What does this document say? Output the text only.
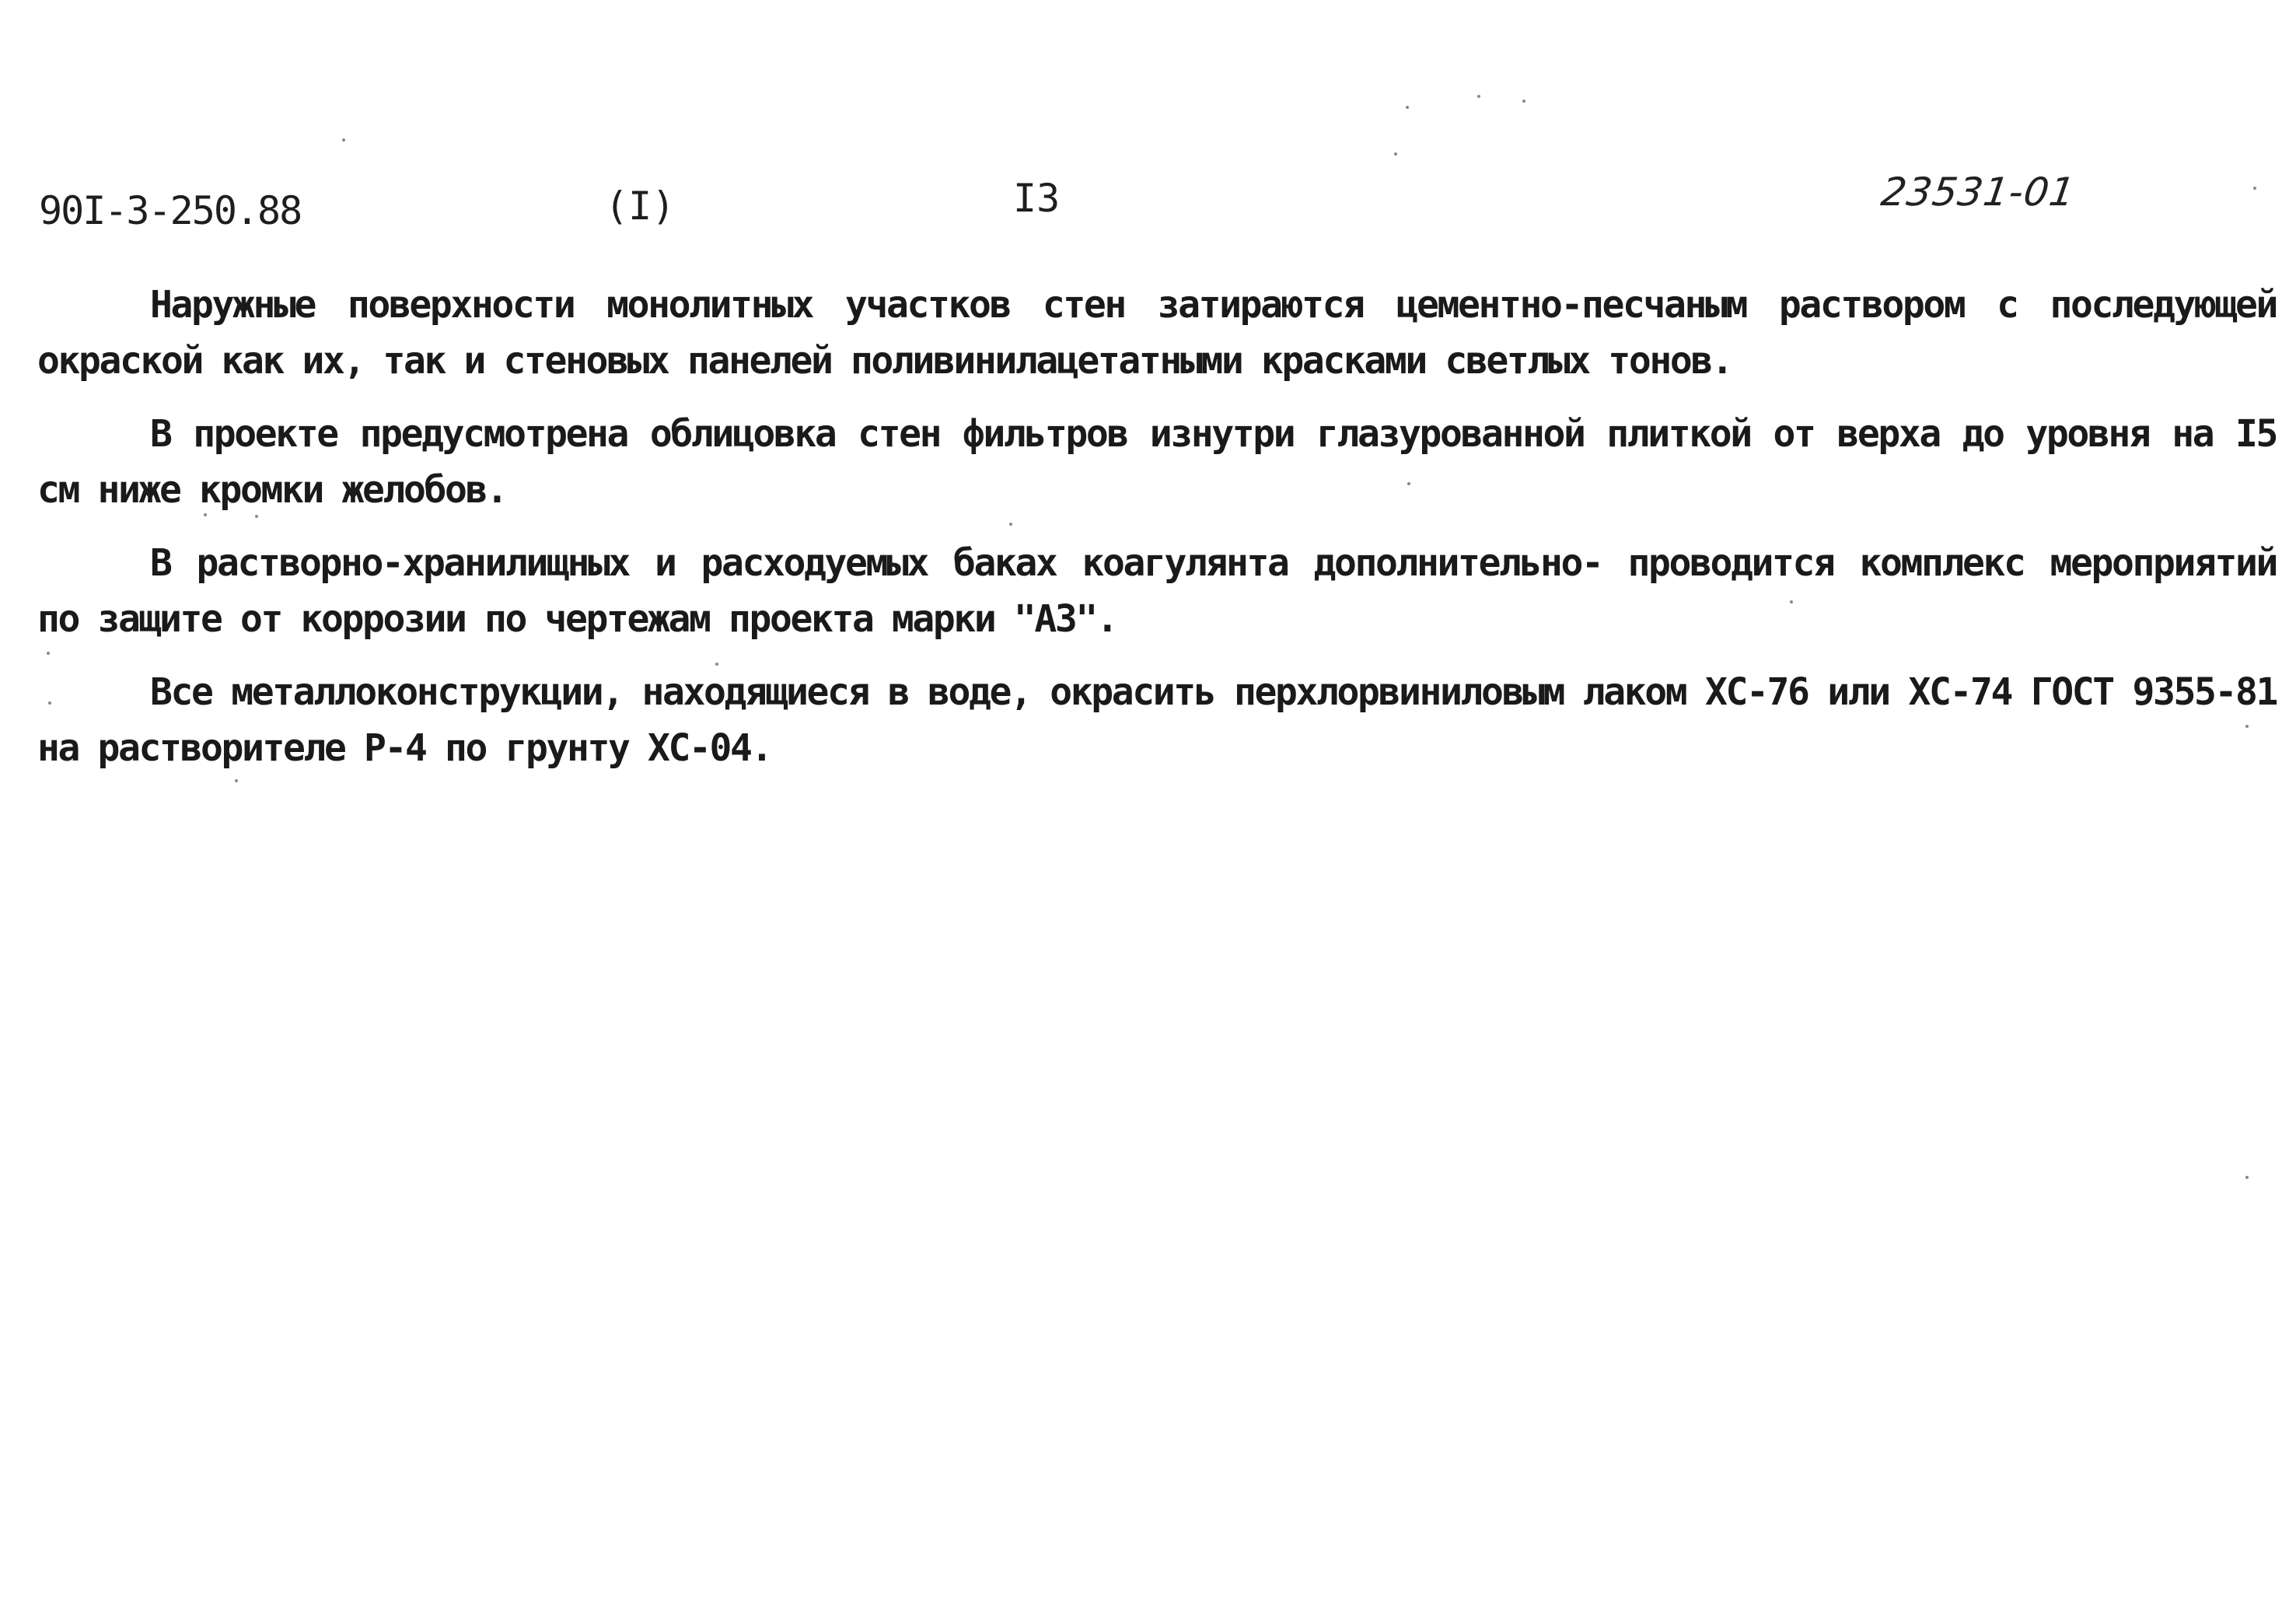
90I-3-250.88	(I)	I3	23531-01

Наружные поверхности монолитных участков стен затираются цементно-песчаным раствором с последующей окраской как их, так и стеновых панелей поливинилацетатными красками светлых тонов.

В проекте предусмотрена облицовка стен фильтров изнутри глазурованной плиткой от верха до уровня на I5 см ниже кромки желобов.

В растворно-хранилищных и расходуемых баках коагулянта дополнительно- проводится комплекс мероприятий по защите от коррозии по чертежам проекта марки "АЗ".

Все металлоконструкции, находящиеся в воде, окрасить перхлорвиниловым лаком ХС-76 или ХС-74 ГОСТ 9355-81 на растворителе Р-4 по грунту ХС-04.
